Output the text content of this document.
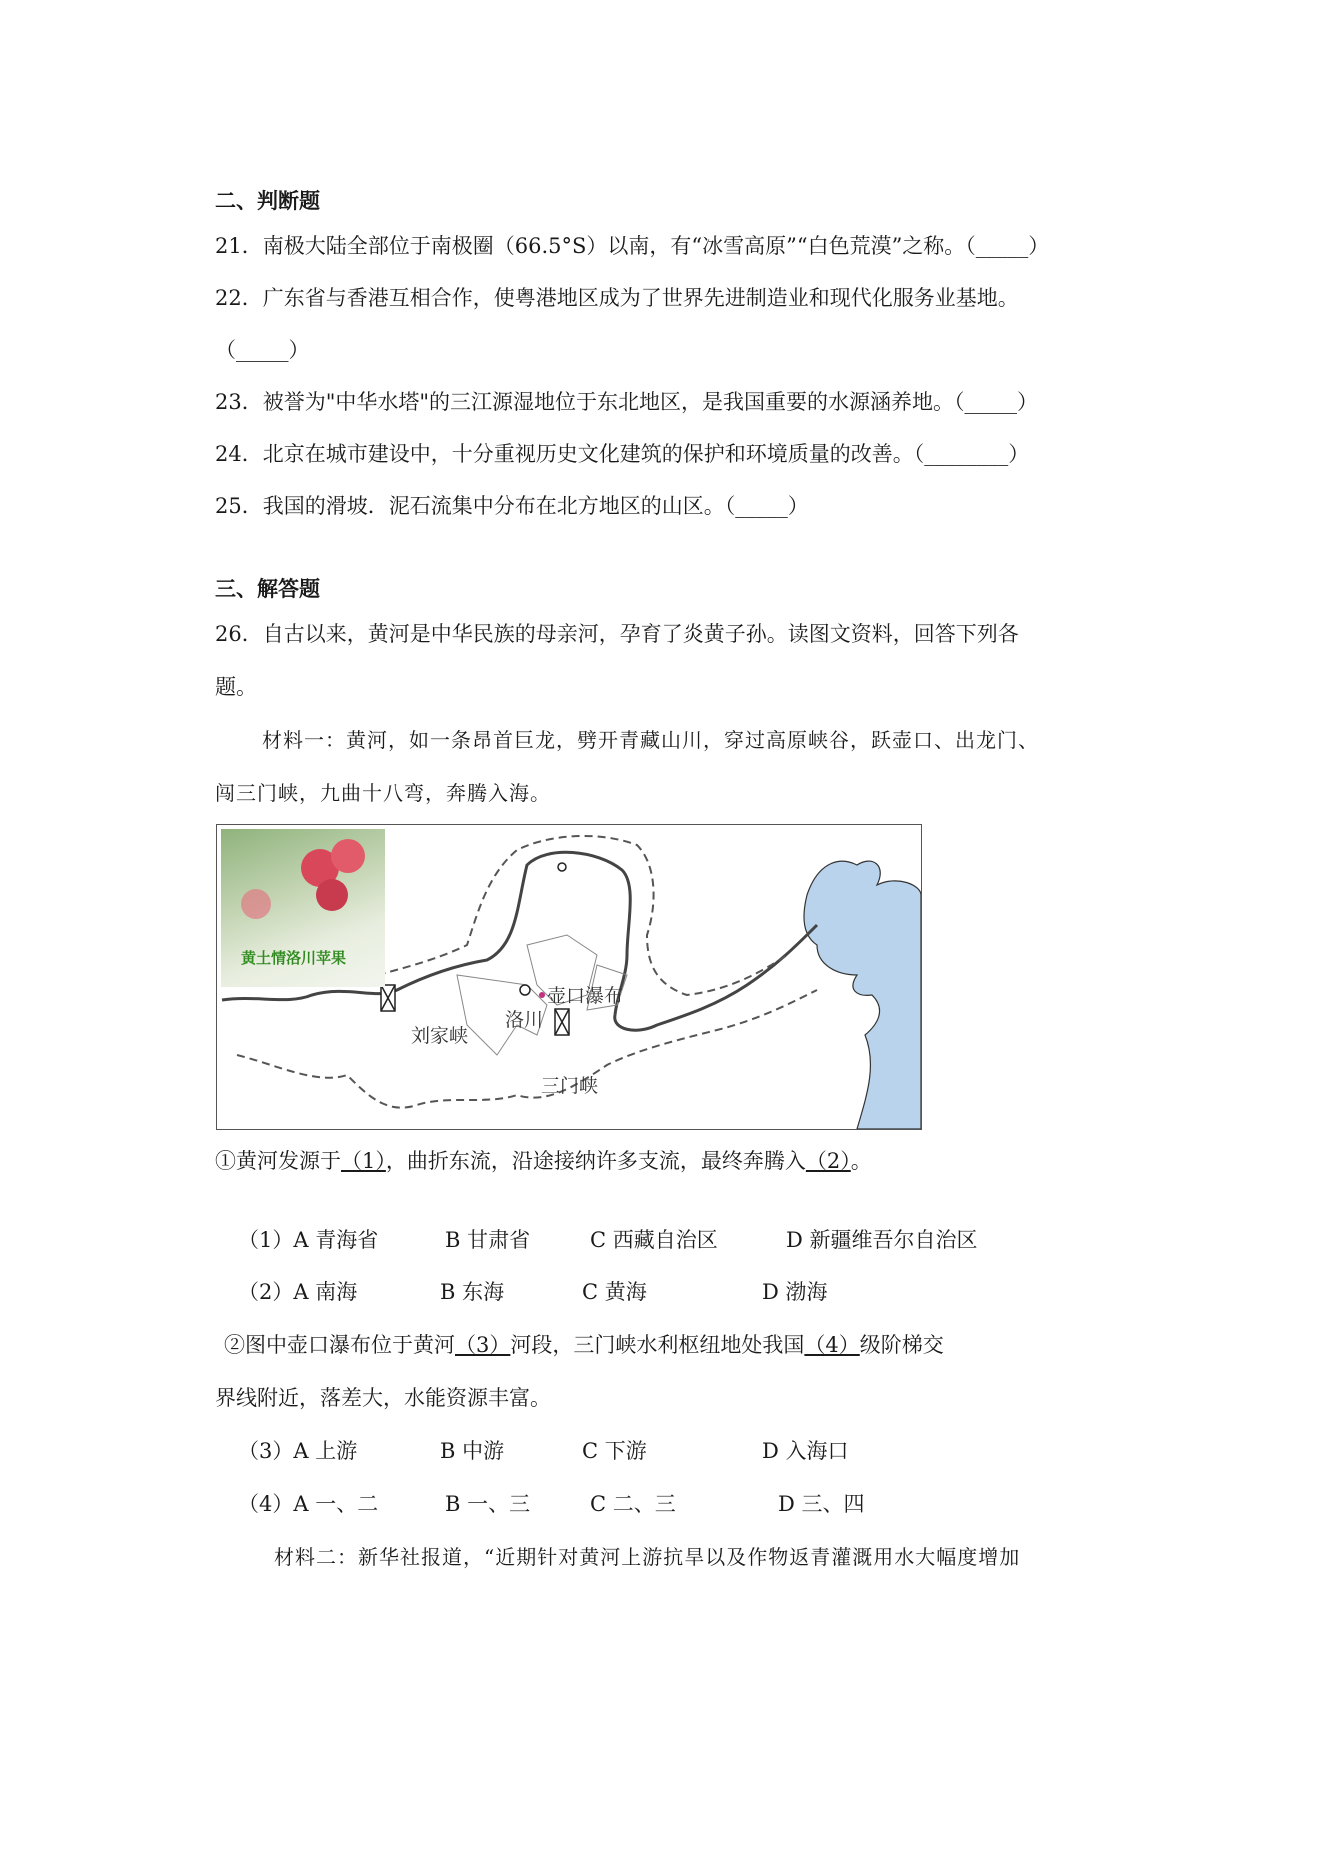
二、判断题
21．南极大陆全部位于南极圈（66.5°S）以南，有“冰雪高原”“白色荒漠”之称。（_____）
22．广东省与香港互相合作，使粤港地区成为了世界先进制造业和现代化服务业基地。
（_____）
23．被誉为"中华水塔"的三江源湿地位于东北地区，是我国重要的水源涵养地。（_____）
24．北京在城市建设中，十分重视历史文化建筑的保护和环境质量的改善。（________）
25．我国的滑坡．泥石流集中分布在北方地区的山区。（_____）
三、解答题
26．自古以来，黄河是中华民族的母亲河，孕育了炎黄子孙。读图文资料，回答下列各
题。
材料一：黄河，如一条昂首巨龙，劈开青藏山川，穿过高原峡谷，跃壶口、出龙门、
闯三门峡，九曲十八弯，奔腾入海。
黄土情洛川苹果
刘家峡
壶口瀑布
洛川
三门峡
①黄河发源于（1），曲折东流，沿途接纳许多支流，最终奔腾入（2）。
（1）A 青海省	B 甘肃省	C 西藏自治区	D 新疆维吾尔自治区
（2）A 南海	B 东海	C 黄海	D 渤海
②图中壶口瀑布位于黄河（3）河段，三门峡水利枢纽地处我国（4）级阶梯交
界线附近，落差大，水能资源丰富。
（3）A 上游	B 中游	C 下游	D 入海口
（4）A 一、二	B 一、三	C 二、三	D 三、四
材料二：新华社报道，“近期针对黄河上游抗旱以及作物返青灌溉用水大幅度增加
